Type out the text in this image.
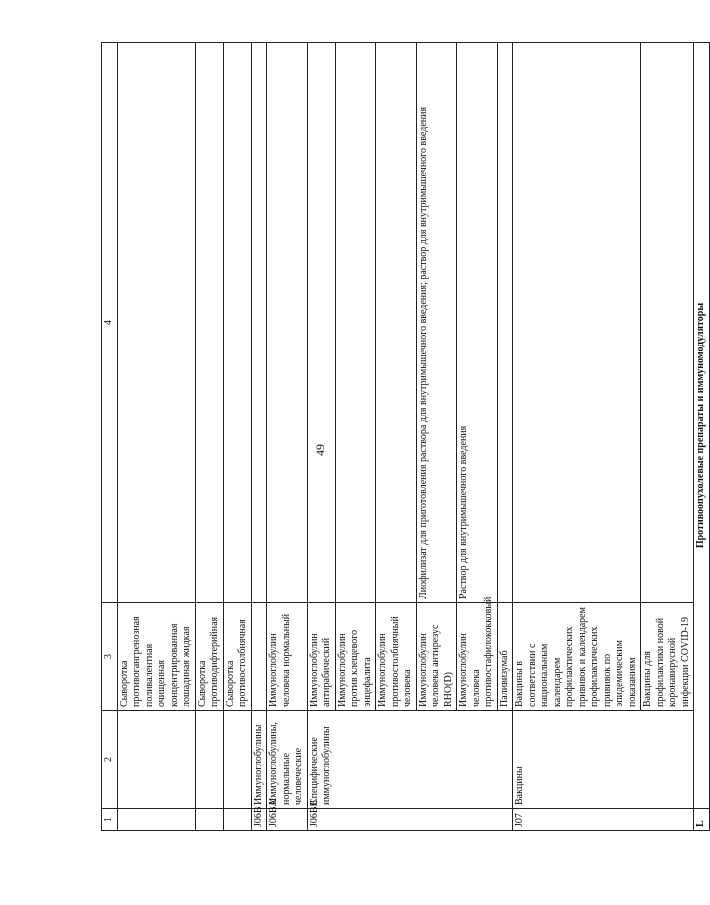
49
1	2	3	4
		Сыворотка противогангренозная поливалентная очищенная концентрированная лошадиная жидкая	
		Сыворотка противодифтерийная	
		Сыворотка противостолбнячная	
J06B	Иммуноглобулины		
J06BA	Иммуноглобулины, нормальные человеческие	Иммуноглобулин человека нормальный	
J06BB	Специфические иммуноглобулины	Иммуноглобулин антирабический	
		Иммуноглобулин против клещевого энцефалита	
		Иммуноглобулин противостолбнячный человека	
		Иммуноглобулин человека антирезус RHO(D)	Лиофилизат для приготовления раствора для внутримышечного введения; раствор для внутримышечного введения
		Иммуноглобулин человека противостафилококковый	Раствор для внутримышечного введения
		Паливизумаб	
J07	Вакцины	Вакцины в соответствии с национальным календарем профилактических прививок и календарем профилактических прививок по эпидемическим показаниям	
		Вакцины для профилактики новой коронавирусной инфекции COVID-19	
L	Противоопухолевые препараты и иммуномодуляторы		
